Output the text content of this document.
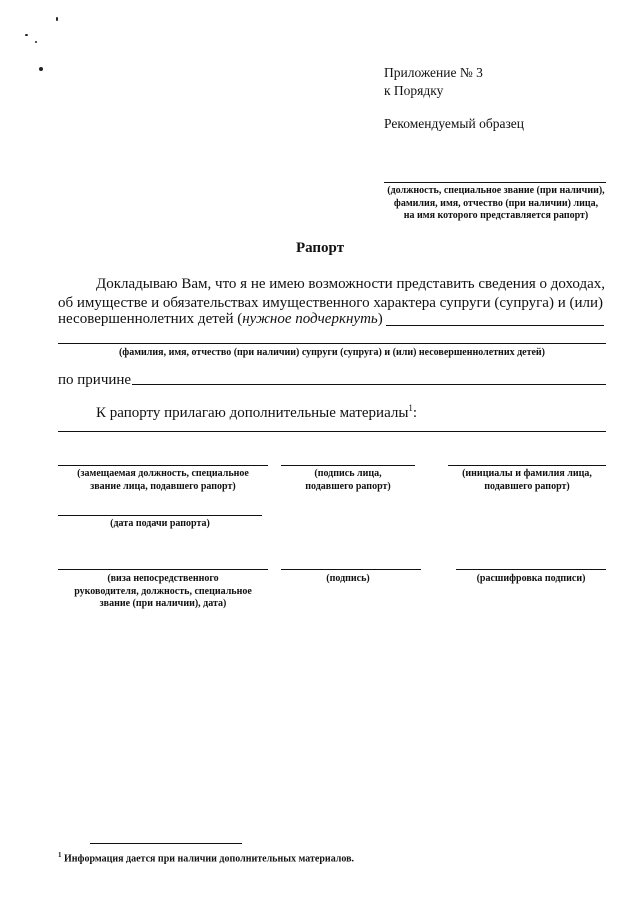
Приложение № 3
к Порядку
Рекомендуемый образец
(должность, специальное звание (при наличии),
фамилия, имя, отчество (при наличии) лица,
на имя которого представляется рапорт)
Рапорт
Докладываю Вам, что я не имею возможности представить сведения о доходах,
об имуществе и обязательствах имущественного характера супруги (супруга) и (или)
несовершеннолетних детей (нужное подчеркнуть)
(фамилия, имя, отчество (при наличии) супруги (супруга) и (или) несовершеннолетних детей)
по причине
К рапорту прилагаю дополнительные материалы$^1$:
(замещаемая должность, специальное
звание лица, подавшего рапорт)
(подпись лица,
подавшего рапорт)
(инициалы и фамилия лица,
подавшего рапорт)
(дата подачи рапорта)
(виза непосредственного
руководителя, должность, специальное
звание (при наличии), дата)
(подпись)	(расшифровка подписи)
$^1$ Информация дается при наличии дополнительных материалов.
